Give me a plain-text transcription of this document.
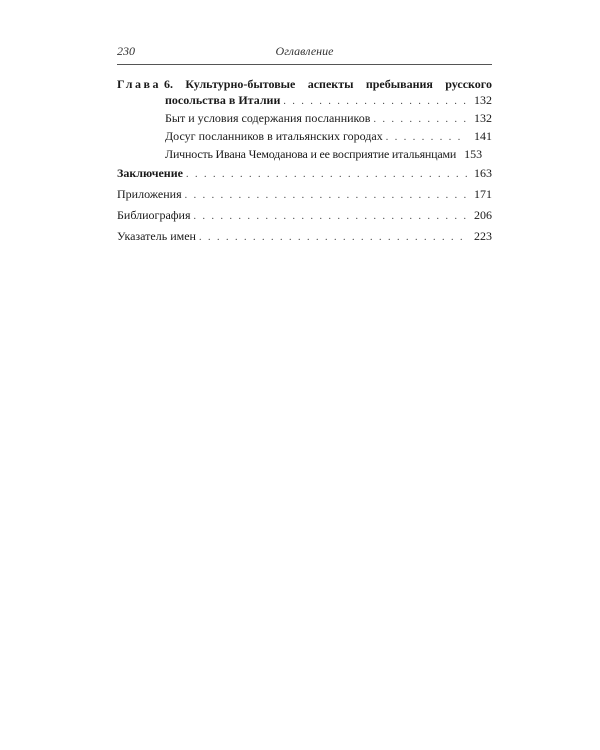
230	Оглавление
Глава 6. Культурно-бытовые аспекты пребывания русского
посольства в Италии . . .	132
Быт и условия содержания посланников . . .	132
Досуг посланников в итальянских городах . . .	141
Личность Ивана Чемоданова и ее восприятие итальянцами 153
Заключение . . .	163
Приложения . . .	171
Библиография . . .	206
Указатель имен . . .	223
